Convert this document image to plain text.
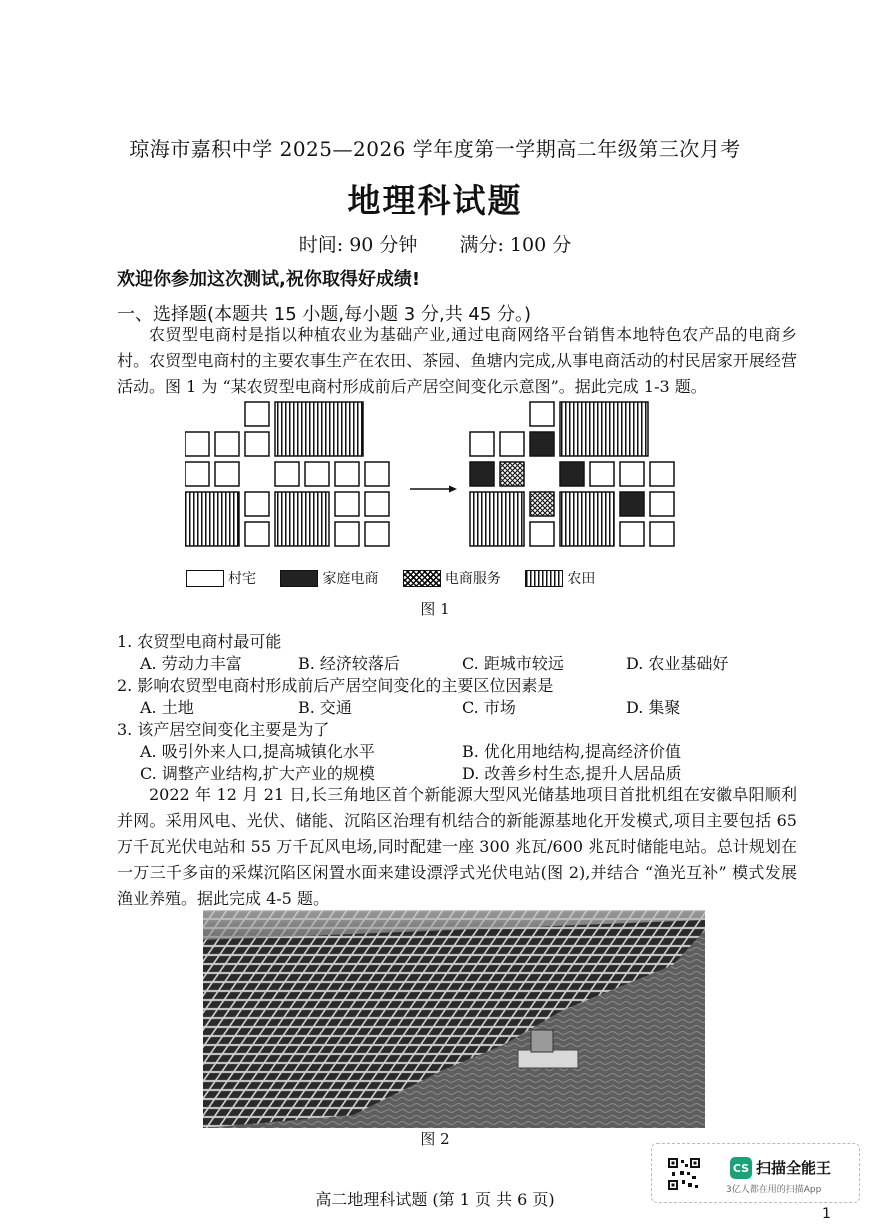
琼海市嘉积中学 2025—2026 学年度第一学期高二年级第三次月考
地理科试题
时间: 90 分钟 满分: 100 分
欢迎你参加这次测试,祝你取得好成绩!
一、选择题(本题共 15 小题,每小题 3 分,共 45 分。)
农贸型电商村是指以种植农业为基础产业,通过电商网络平台销售本地特色农产品的电商乡村。农贸型电商村的主要农事生产在农田、茶园、鱼塘内完成,从事电商活动的村民居家开展经营活动。图 1 为 “某农贸型电商村形成前后产居空间变化示意图”。据此完成 1-3 题。
村宅
	家庭电商
	电商服务
	农田
图 1
1. 农贸型电商村最可能
A. 劳动力丰富	B. 经济较落后	C. 距城市较远	D. 农业基础好
2. 影响农贸型电商村形成前后产居空间变化的主要区位因素是
A. 土地	B. 交通	C. 市场	D. 集聚
3. 该产居空间变化主要是为了
A. 吸引外来人口,提高城镇化水平	B. 优化用地结构,提高经济价值
C. 调整产业结构,扩大产业的规模	D. 改善乡村生态,提升人居品质
2022 年 12 月 21 日,长三角地区首个新能源大型风光储基地项目首批机组在安徽阜阳顺利并网。采用风电、光伏、储能、沉陷区治理有机结合的新能源基地化开发模式,项目主要包括 65 万千瓦光伏电站和 55 万千瓦风电场,同时配建一座 300 兆瓦/600 兆瓦时储能电站。总计规划在一万三千多亩的采煤沉陷区闲置水面来建设漂浮式光伏电站(图 2),并结合 “渔光互补” 模式发展渔业养殖。据此完成 4-5 题。
图 2
高二地理科试题 (第 1 页 共 6 页)
CS 扫描全能王
3亿人都在用的扫描App
1
